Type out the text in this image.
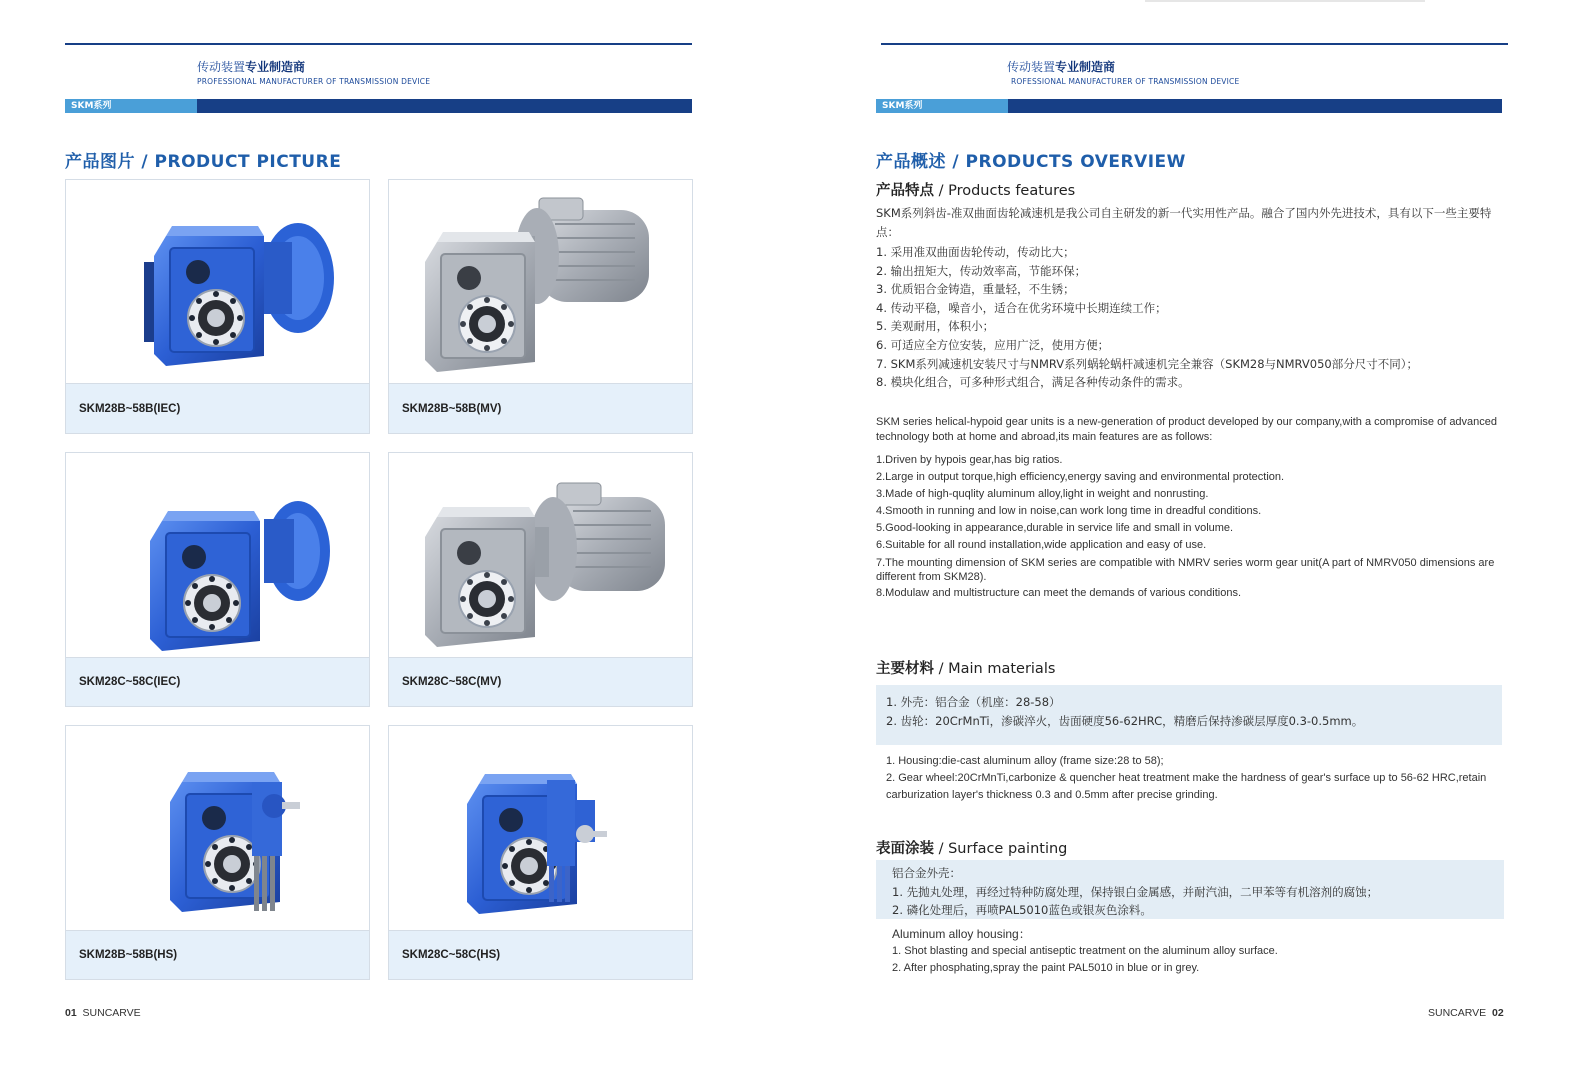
传动装置专业制造商
PROFESSIONAL MANUFACTURER OF TRANSMISSION DEVICE
SKM系列
产品图片 / PRODUCT PICTURE
SKM28B~58B(IEC)	SKM28B~58B(MV)
SKM28C~58C(IEC)	SKM28C~58C(MV)
SKM28B~58B(HS)	SKM28C~58C(HS)
01 SUNCARVE
传动装置专业制造商
ROFESSIONAL MANUFACTURER OF TRANSMISSION DEVICE
SKM系列
产品概述 / PRODUCTS OVERVIEW
产品特点 / Products features
SKM系列斜齿-准双曲面齿轮减速机是我公司自主研发的新一代实用性产品。融合了国内外先进技术，具有以下一些主要特
点：
1. 采用准双曲面齿轮传动，传动比大；
2. 输出扭矩大，传动效率高，节能环保；
3. 优质铝合金铸造，重量轻，不生锈；
4. 传动平稳，噪音小，适合在优劣环境中长期连续工作；
5. 美观耐用，体积小；
6. 可适应全方位安装，应用广泛，使用方便；
7. SKM系列减速机安装尺寸与NMRV系列蜗轮蜗杆减速机完全兼容（SKM28与NMRV050部分尺寸不同）；
8. 模块化组合，可多种形式组合，满足各种传动条件的需求。
SKM series helical-hypoid gear units is a new-generation of product developed by our company,with a compromise of advanced technology both at home and abroad,its main features are as follows:
1.Driven by hypois gear,has big ratios.
2.Large in output torque,high efficiency,energy saving and environmental protection.
3.Made of high-quqlity aluminum alloy,light in weight and nonrusting.
4.Smooth in running and low in noise,can work long time in dreadful conditions.
5.Good-looking in appearance,durable in service life and small in volume.
6.Suitable for all round installation,wide application and easy of use.
7.The mounting dimension of SKM series are compatible with NMRV series worm gear unit(A part of NMRV050 dimensions are different from SKM28).
8.Modulaw and multistructure can meet the demands of various conditions.
主要材料 / Main materials
1. 外壳：铝合金（机座：28-58）
2. 齿轮：20CrMnTi，渗碳淬火，齿面硬度56-62HRC，精磨后保持渗碳层厚度0.3-0.5mm。
1. Housing:die-cast aluminum alloy (frame size:28 to 58);
2. Gear wheel:20CrMnTi,carbonize & quencher heat treatment make the hardness of gear's surface up to 56-62 HRC,retain carburization layer's thickness 0.3 and 0.5mm after precise grinding.
表面涂装 / Surface painting
铝合金外壳：
1. 先抛丸处理，再经过特种防腐处理，保持银白金属感，并耐汽油，二甲苯等有机溶剂的腐蚀；
2. 磷化处理后，再喷PAL5010蓝色或银灰色涂料。
Aluminum alloy housing：
1. Shot blasting and special antiseptic treatment on the aluminum alloy surface.
2. After phosphating,spray the paint PAL5010 in blue or in grey.
SUNCARVE 02
